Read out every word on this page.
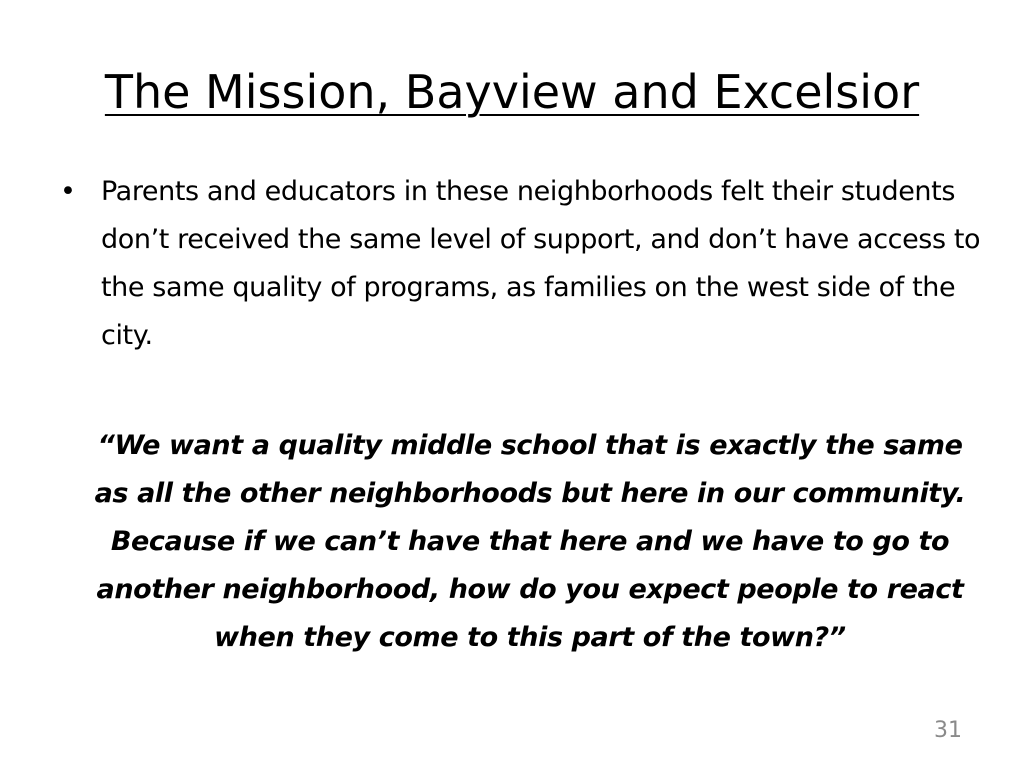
The Mission, Bayview and Excelsior
• Parents and educators in these neighborhoods felt their students don’t received the same level of support, and don’t have access to the same quality of programs, as families on the west side of the city.

“We want a quality middle school that is exactly the same as all the other neighborhoods but here in our community. Because if we can’t have that here and we have to go to another neighborhood, how do you expect people to react when they come to this part of the town?”

31
